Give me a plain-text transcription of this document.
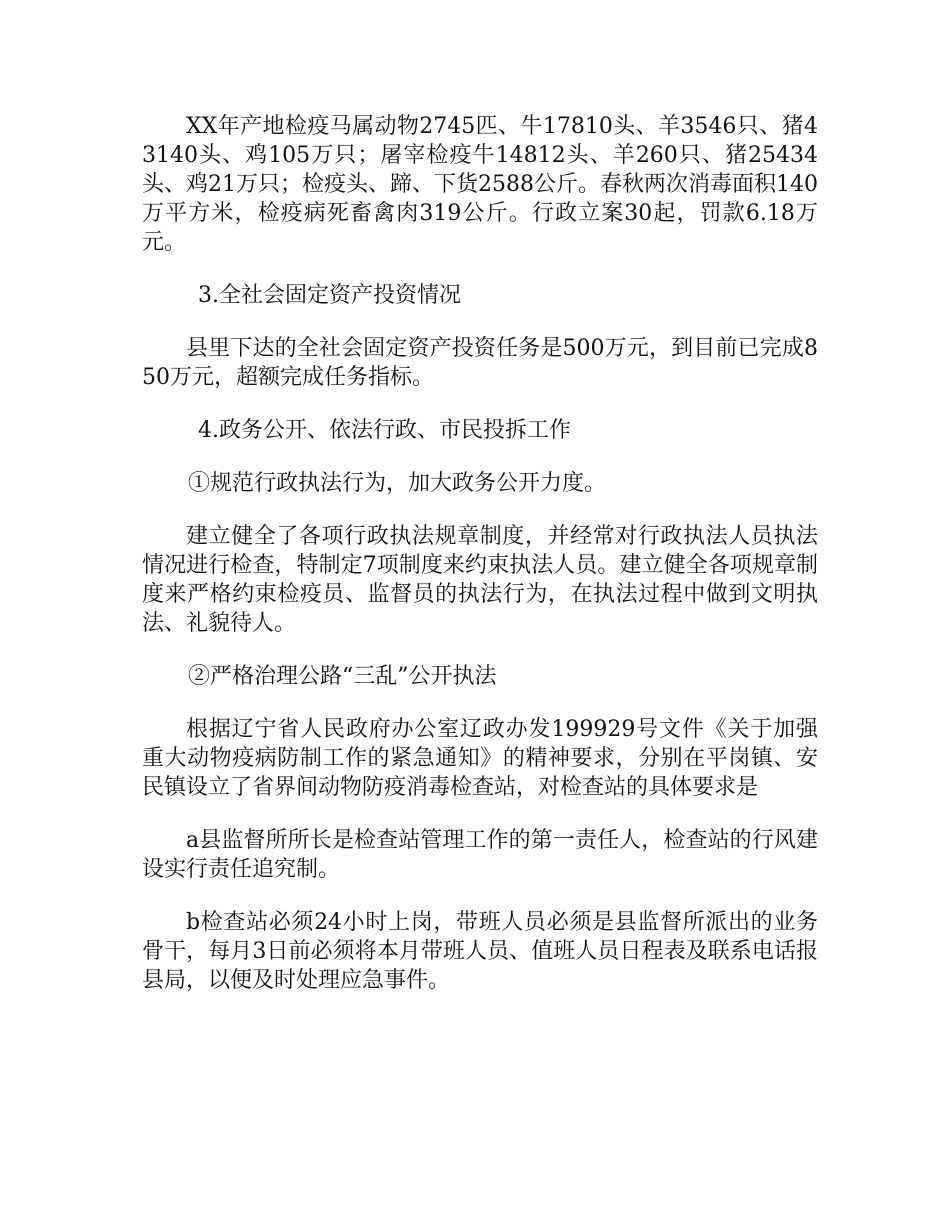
XX年产地检疫马属动物2745匹、牛17810头、羊3546只、猪43140头、鸡105万只；屠宰检疫牛14812头、羊260只、猪25434头、鸡21万只；检疫头、蹄、下货2588公斤。春秋两次消毒面积140万平方米，检疫病死畜禽肉319公斤。行政立案30起，罚款6.18万元。

3.全社会固定资产投资情况

县里下达的全社会固定资产投资任务是500万元，到目前已完成850万元，超额完成任务指标。

4.政务公开、依法行政、市民投拆工作

①规范行政执法行为，加大政务公开力度。

建立健全了各项行政执法规章制度，并经常对行政执法人员执法情况进行检查，特制定7项制度来约束执法人员。建立健全各项规章制度来严格约束检疫员、监督员的执法行为，在执法过程中做到文明执法、礼貌待人。

②严格治理公路“三乱”公开执法

根据辽宁省人民政府办公室辽政办发199929号文件《关于加强重大动物疫病防制工作的紧急通知》的精神要求，分别在平岗镇、安民镇设立了省界间动物防疫消毒检查站，对检查站的具体要求是

a县监督所所长是检查站管理工作的第一责任人，检查站的行风建设实行责任追究制。

b检查站必须24小时上岗，带班人员必须是县监督所派出的业务骨干，每月3日前必须将本月带班人员、值班人员日程表及联系电话报县局，以便及时处理应急事件。
